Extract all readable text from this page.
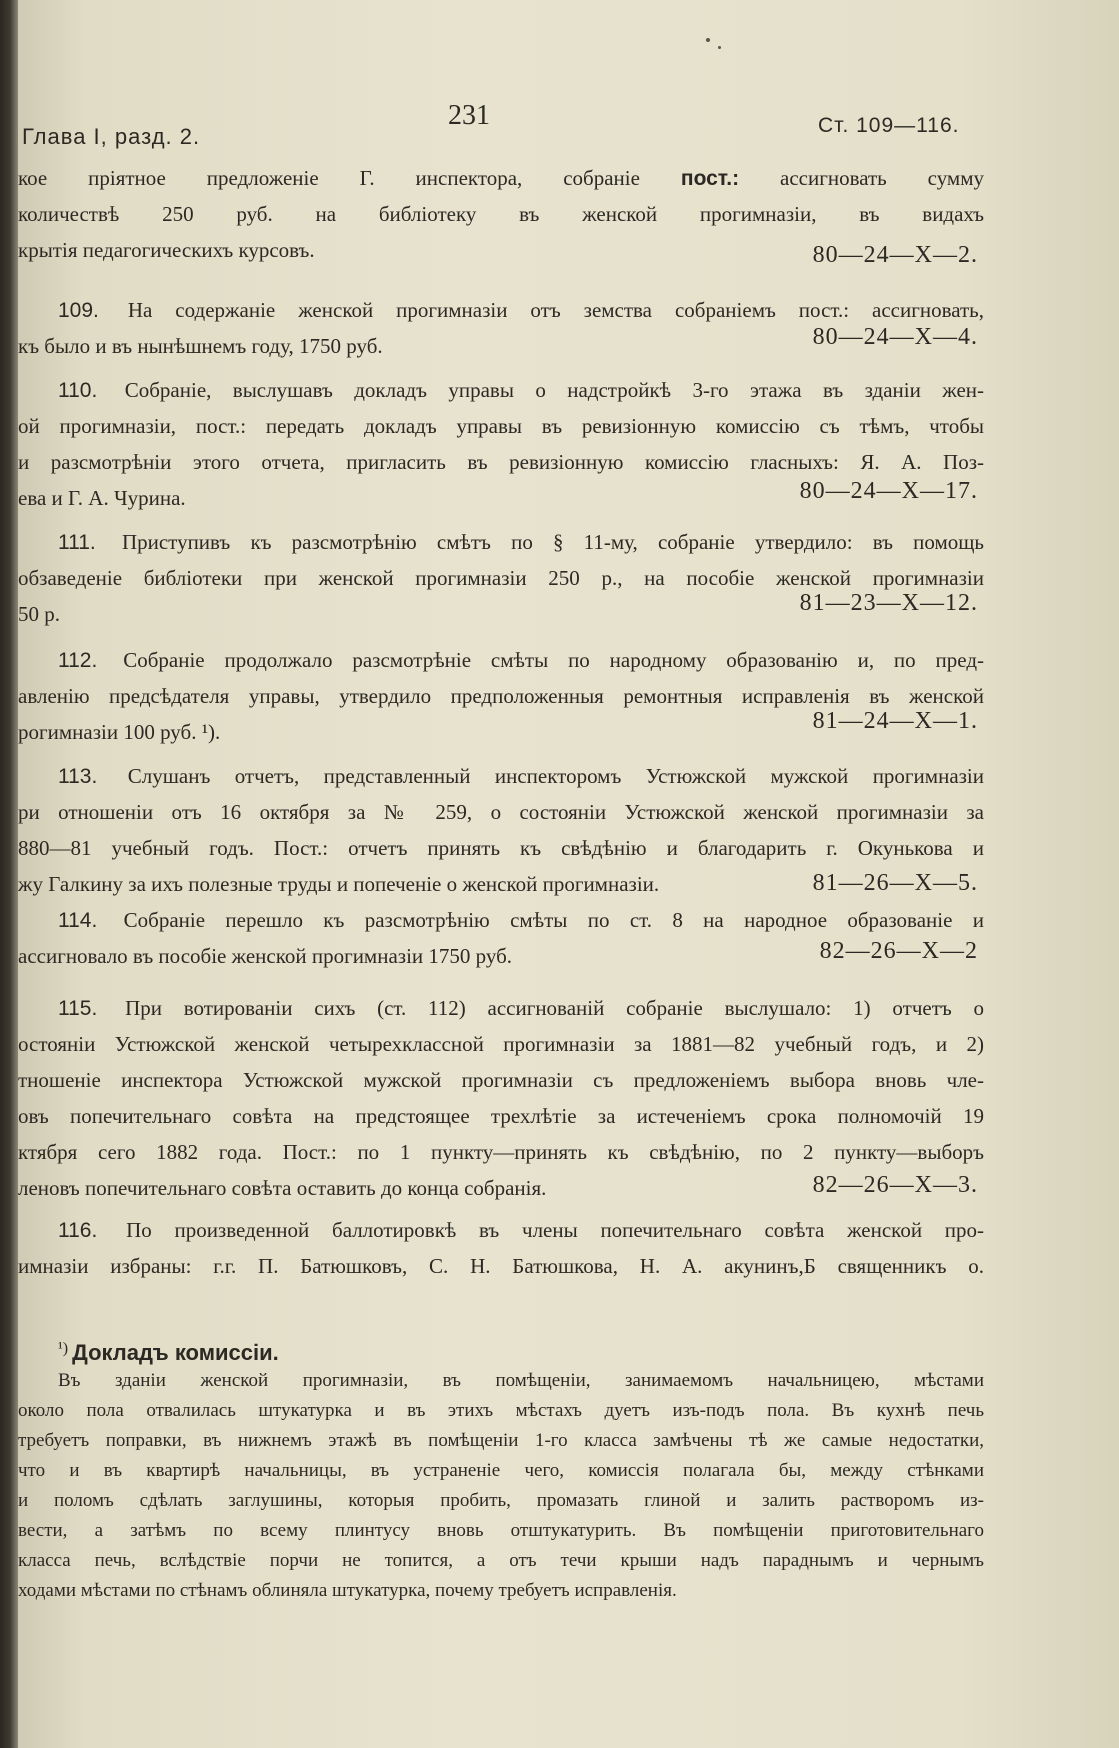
Глава I, разд. 2.
231	Ст. 109—116.
кое пріятное предложеніе Г. инспектора, собраніе пост.: ассигновать сумму
количествѣ 250 руб. на библіотеку въ женской прогимназіи, въ видахъ
крытія педагогическихъ курсовъ.	80—24—X—2.
109. На содержаніе женской прогимназіи отъ земства собраніемъ пост.: ассигновать,
къ было и въ нынѣшнемъ году, 1750 руб.	80—24—X—4.
110. Собраніе, выслушавъ докладъ управы о надстройкѣ 3-го этажа въ зданіи жен-
ой прогимназіи, пост.: передать докладъ управы въ ревизіонную комиссію съ тѣмъ, чтобы
и разсмотрѣніи этого отчета, пригласить въ ревизіонную комиссію гласныхъ: Я. А. Поз-
ева и Г. А. Чурина.	80—24—X—17.
111. Приступивъ къ разсмотрѣнію смѣтъ по § 11-му, собраніе утвердило: въ помощь
обзаведеніе библіотеки при женской прогимназіи 250 р., на пособіе женской прогимназіи
50 р.	81—23—X—12.
112. Собраніе продолжало разсмотрѣніе смѣты по народному образованію и, по пред-
авленію предсѣдателя управы, утвердило предположенныя ремонтныя исправленія въ женской
рогимназіи 100 руб. ¹).	81—24—X—1.
113. Слушанъ отчетъ, представленный инспекторомъ Устюжской мужской прогимназіи
ри отношеніи отъ 16 октября за № 259, о состояніи Устюжской женской прогимназіи за
880—81 учебный годъ. Пост.: отчетъ принять къ свѣдѣнію и благодарить г. Окунькова и
жу Галкину за ихъ полезные труды и попеченіе о женской прогимназіи.	81—26—X—5.
114. Собраніе перешло къ разсмотрѣнію смѣты по ст. 8 на народное образованіе и
ассигновало въ пособіе женской прогимназіи 1750 руб.	82—26—X—2
115. При вотированіи сихъ (ст. 112) ассигнованій собраніе выслушало: 1) отчетъ о
остояніи Устюжской женской четырехклассной прогимназіи за 1881—82 учебный годъ, и 2)
тношеніе инспектора Устюжской мужской прогимназіи съ предложеніемъ выбора вновь чле-
овъ попечительнаго совѣта на предстоящее трехлѣтіе за истеченіемъ срока полномочій 19
ктября сего 1882 года. Пост.: по 1 пункту—принять къ свѣдѣнію, по 2 пункту—выборъ
леновъ попечительнаго совѣта оставить до конца собранія.	82—26—X—3.
116. По произведенной баллотировкѣ въ члены попечительнаго совѣта женской про-
имназіи избраны: г.г. П. Батюшковъ, С. Н. Батюшкова, Н. А. акунинъ,Б священникъ о.
$^{^1)}$ Докладъ комиссіи.
Въ зданіи женской прогимназіи, въ помѣщеніи, занимаемомъ начальницею, мѣстами
около пола отвалилась штукатурка и въ этихъ мѣстахъ дуетъ изъ-подъ пола. Въ кухнѣ печь
требуетъ поправки, въ нижнемъ этажѣ въ помѣщеніи 1-го класса замѣчены тѣ же самые недостатки,
что и въ квартирѣ начальницы, въ устраненіе чего, комиссія полагала бы, между стѣнками
и поломъ сдѣлать заглушины, которыя пробить, промазать глиной и залить растворомъ из-
вести, а затѣмъ по всему плинтусу вновь отштукатурить. Въ помѣщеніи приготовительнаго
класса печь, вслѣдствіе порчи не топится, а отъ течи крыши надъ параднымъ и чернымъ
ходами мѣстами по стѣнамъ облиняла штукатурка, почему требуетъ исправленія.
